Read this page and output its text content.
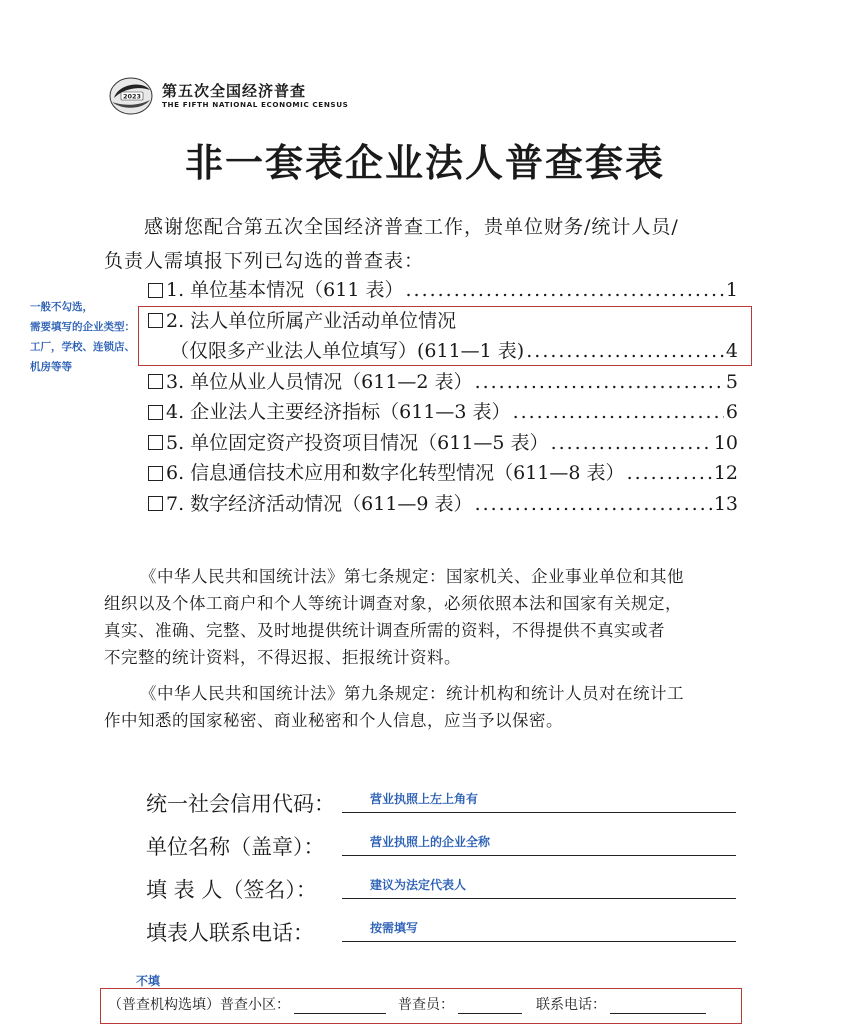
2023 第五次全国经济普查
THE FIFTH NATIONAL ECONOMIC CENSUS
非一套表企业法人普查套表
感谢您配合第五次全国经济普查工作，贵单位财务/统计人员/
负责人需填报下列已勾选的普查表：
一般不勾选，
需要填写的企业类型：
工厂，学校、连锁店、
机房等等
1. 单位基本情况（611 表） .....	1
2. 法人单位所属产业活动单位情况
（仅限多产业法人单位填写）(611—1 表) .....	4
3. 单位从业人员情况（611—2 表） .....	5
4. 企业法人主要经济指标（611—3 表） .....	6
5. 单位固定资产投资项目情况（611—5 表） .....	10
6. 信息通信技术应用和数字化转型情况（611—8 表） .....	12
7. 数字经济活动情况（611—9 表） .....	13
《中华人民共和国统计法》第七条规定：国家机关、企业事业单位和其他
组织以及个体工商户和个人等统计调查对象，必须依照本法和国家有关规定，
真实、准确、完整、及时地提供统计调查所需的资料，不得提供不真实或者
不完整的统计资料，不得迟报、拒报统计资料。
《中华人民共和国统计法》第九条规定：统计机构和统计人员对在统计工
作中知悉的国家秘密、商业秘密和个人信息，应当予以保密。
统一社会信用代码：	营业执照上左上角有
单位名称（盖章）：	营业执照上的企业全称
填 表 人（签名）：	建议为法定代表人
填表人联系电话：	按需填写
不填
（普查机构选填）普查小区：	普查员：	联系电话：
